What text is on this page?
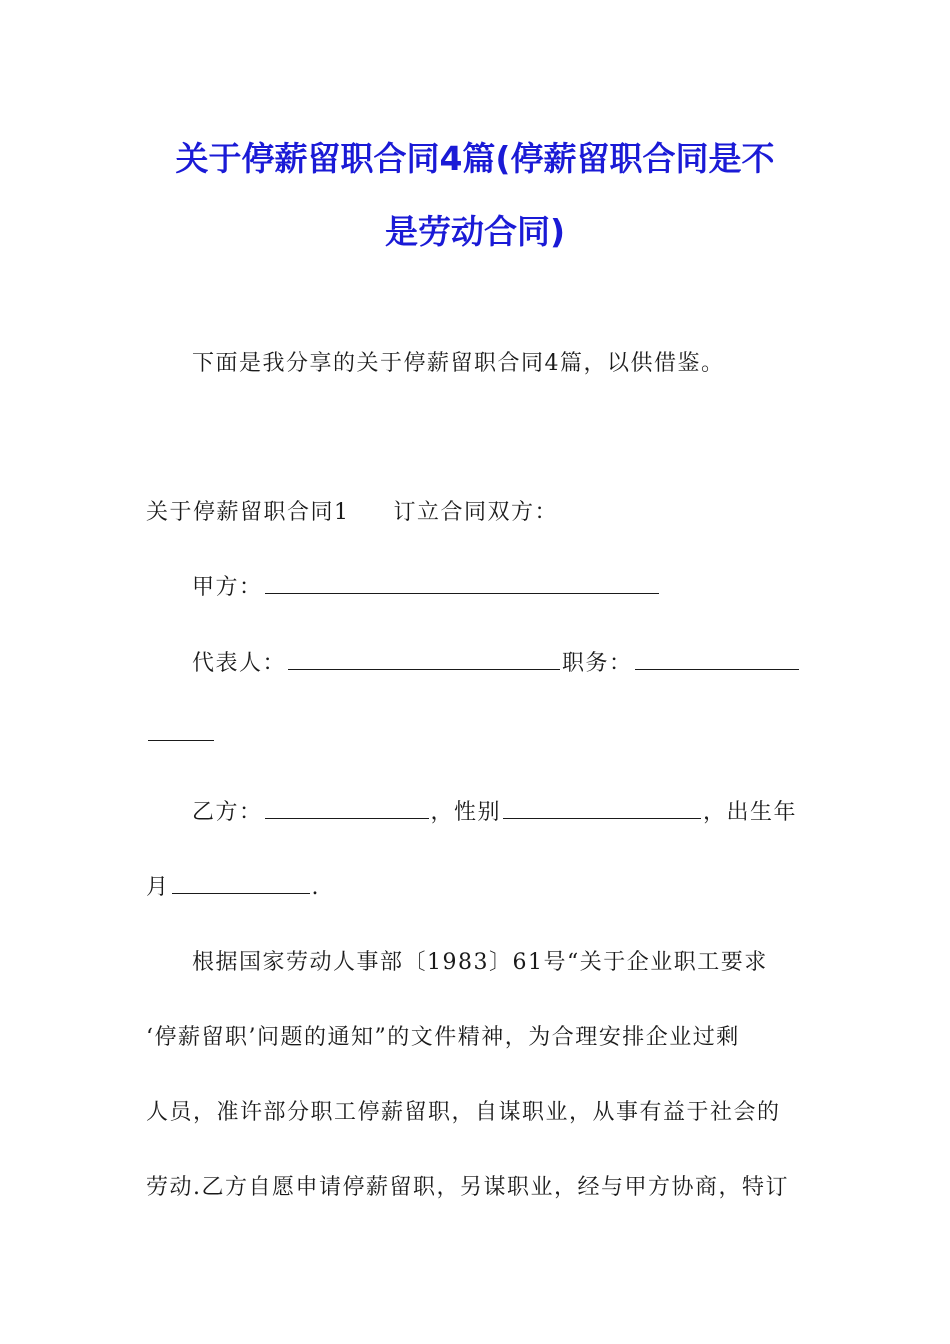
关于停薪留职合同4篇(停薪留职合同是不
是劳动合同)
下面是我分享的关于停薪留职合同4篇，以供借鉴。
关于停薪留职合同1 订立合同双方：
甲方：
代表人：	职务：
乙方：	，性别	，出生年
月	.
根据国家劳动人事部〔1983〕61号“关于企业职工要求
‘停薪留职’问题的通知”的文件精神，为合理安排企业过剩
人员，准许部分职工停薪留职，自谋职业，从事有益于社会的
劳动.乙方自愿申请停薪留职，另谋职业，经与甲方协商，特订
